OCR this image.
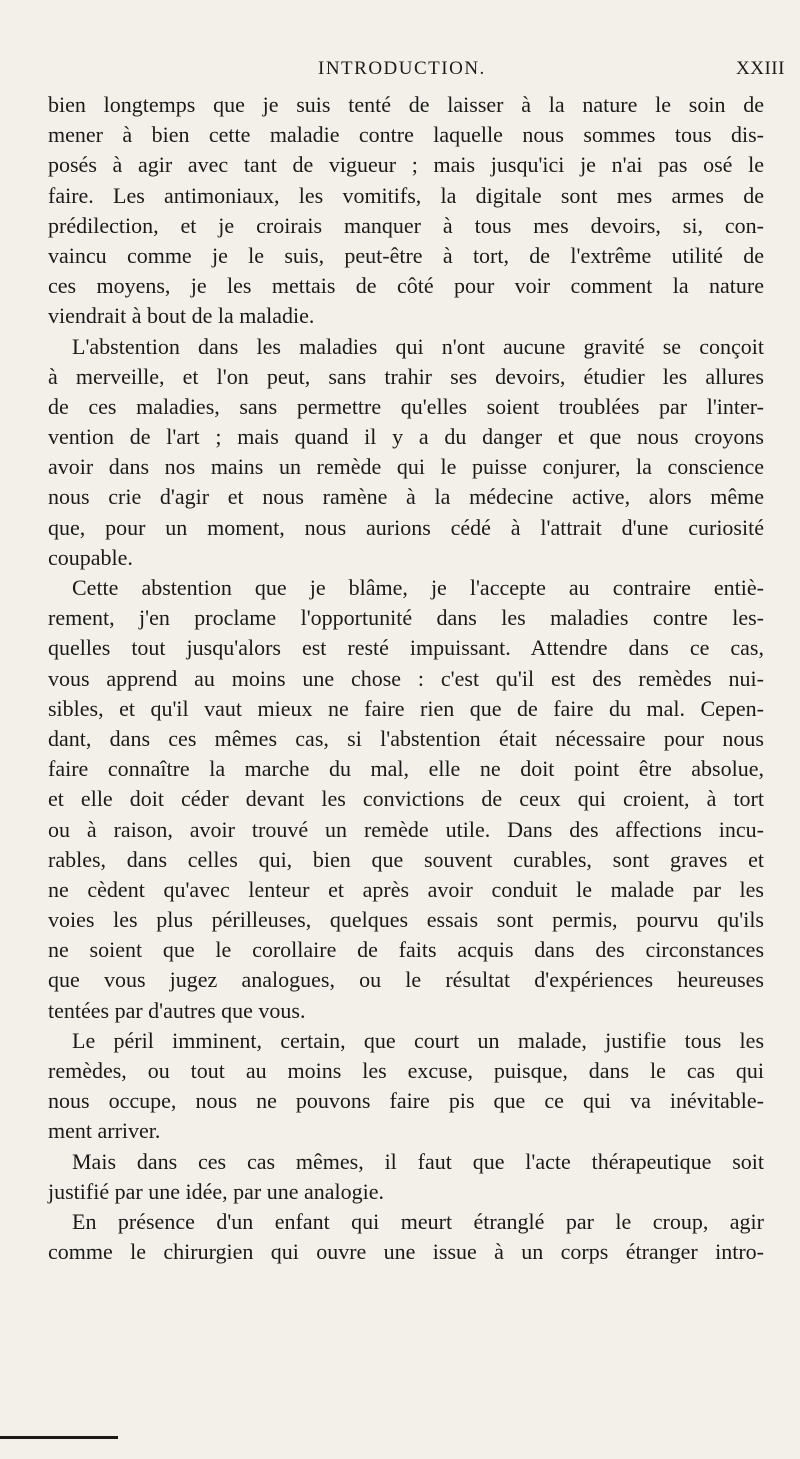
INTRODUCTION.	XXIII
bien longtemps que je suis tenté de laisser à la nature le soin de
mener à bien cette maladie contre laquelle nous sommes tous dis-
posés à agir avec tant de vigueur ; mais jusqu'ici je n'ai pas osé le
faire. Les antimoniaux, les vomitifs, la digitale sont mes armes de
prédilection, et je croirais manquer à tous mes devoirs, si, con-
vaincu comme je le suis, peut-être à tort, de l'extrême utilité de
ces moyens, je les mettais de côté pour voir comment la nature
viendrait à bout de la maladie.
L'abstention dans les maladies qui n'ont aucune gravité se conçoit
à merveille, et l'on peut, sans trahir ses devoirs, étudier les allures
de ces maladies, sans permettre qu'elles soient troublées par l'inter-
vention de l'art ; mais quand il y a du danger et que nous croyons
avoir dans nos mains un remède qui le puisse conjurer, la conscience
nous crie d'agir et nous ramène à la médecine active, alors même
que, pour un moment, nous aurions cédé à l'attrait d'une curiosité
coupable.
Cette abstention que je blâme, je l'accepte au contraire entiè-
rement, j'en proclame l'opportunité dans les maladies contre les-
quelles tout jusqu'alors est resté impuissant. Attendre dans ce cas,
vous apprend au moins une chose : c'est qu'il est des remèdes nui-
sibles, et qu'il vaut mieux ne faire rien que de faire du mal. Cepen-
dant, dans ces mêmes cas, si l'abstention était nécessaire pour nous
faire connaître la marche du mal, elle ne doit point être absolue,
et elle doit céder devant les convictions de ceux qui croient, à tort
ou à raison, avoir trouvé un remède utile. Dans des affections incu-
rables, dans celles qui, bien que souvent curables, sont graves et
ne cèdent qu'avec lenteur et après avoir conduit le malade par les
voies les plus périlleuses, quelques essais sont permis, pourvu qu'ils
ne soient que le corollaire de faits acquis dans des circonstances
que vous jugez analogues, ou le résultat d'expériences heureuses
tentées par d'autres que vous.
Le péril imminent, certain, que court un malade, justifie tous les
remèdes, ou tout au moins les excuse, puisque, dans le cas qui
nous occupe, nous ne pouvons faire pis que ce qui va inévitable-
ment arriver.
Mais dans ces cas mêmes, il faut que l'acte thérapeutique soit
justifié par une idée, par une analogie.
En présence d'un enfant qui meurt étranglé par le croup, agir
comme le chirurgien qui ouvre une issue à un corps étranger intro-
